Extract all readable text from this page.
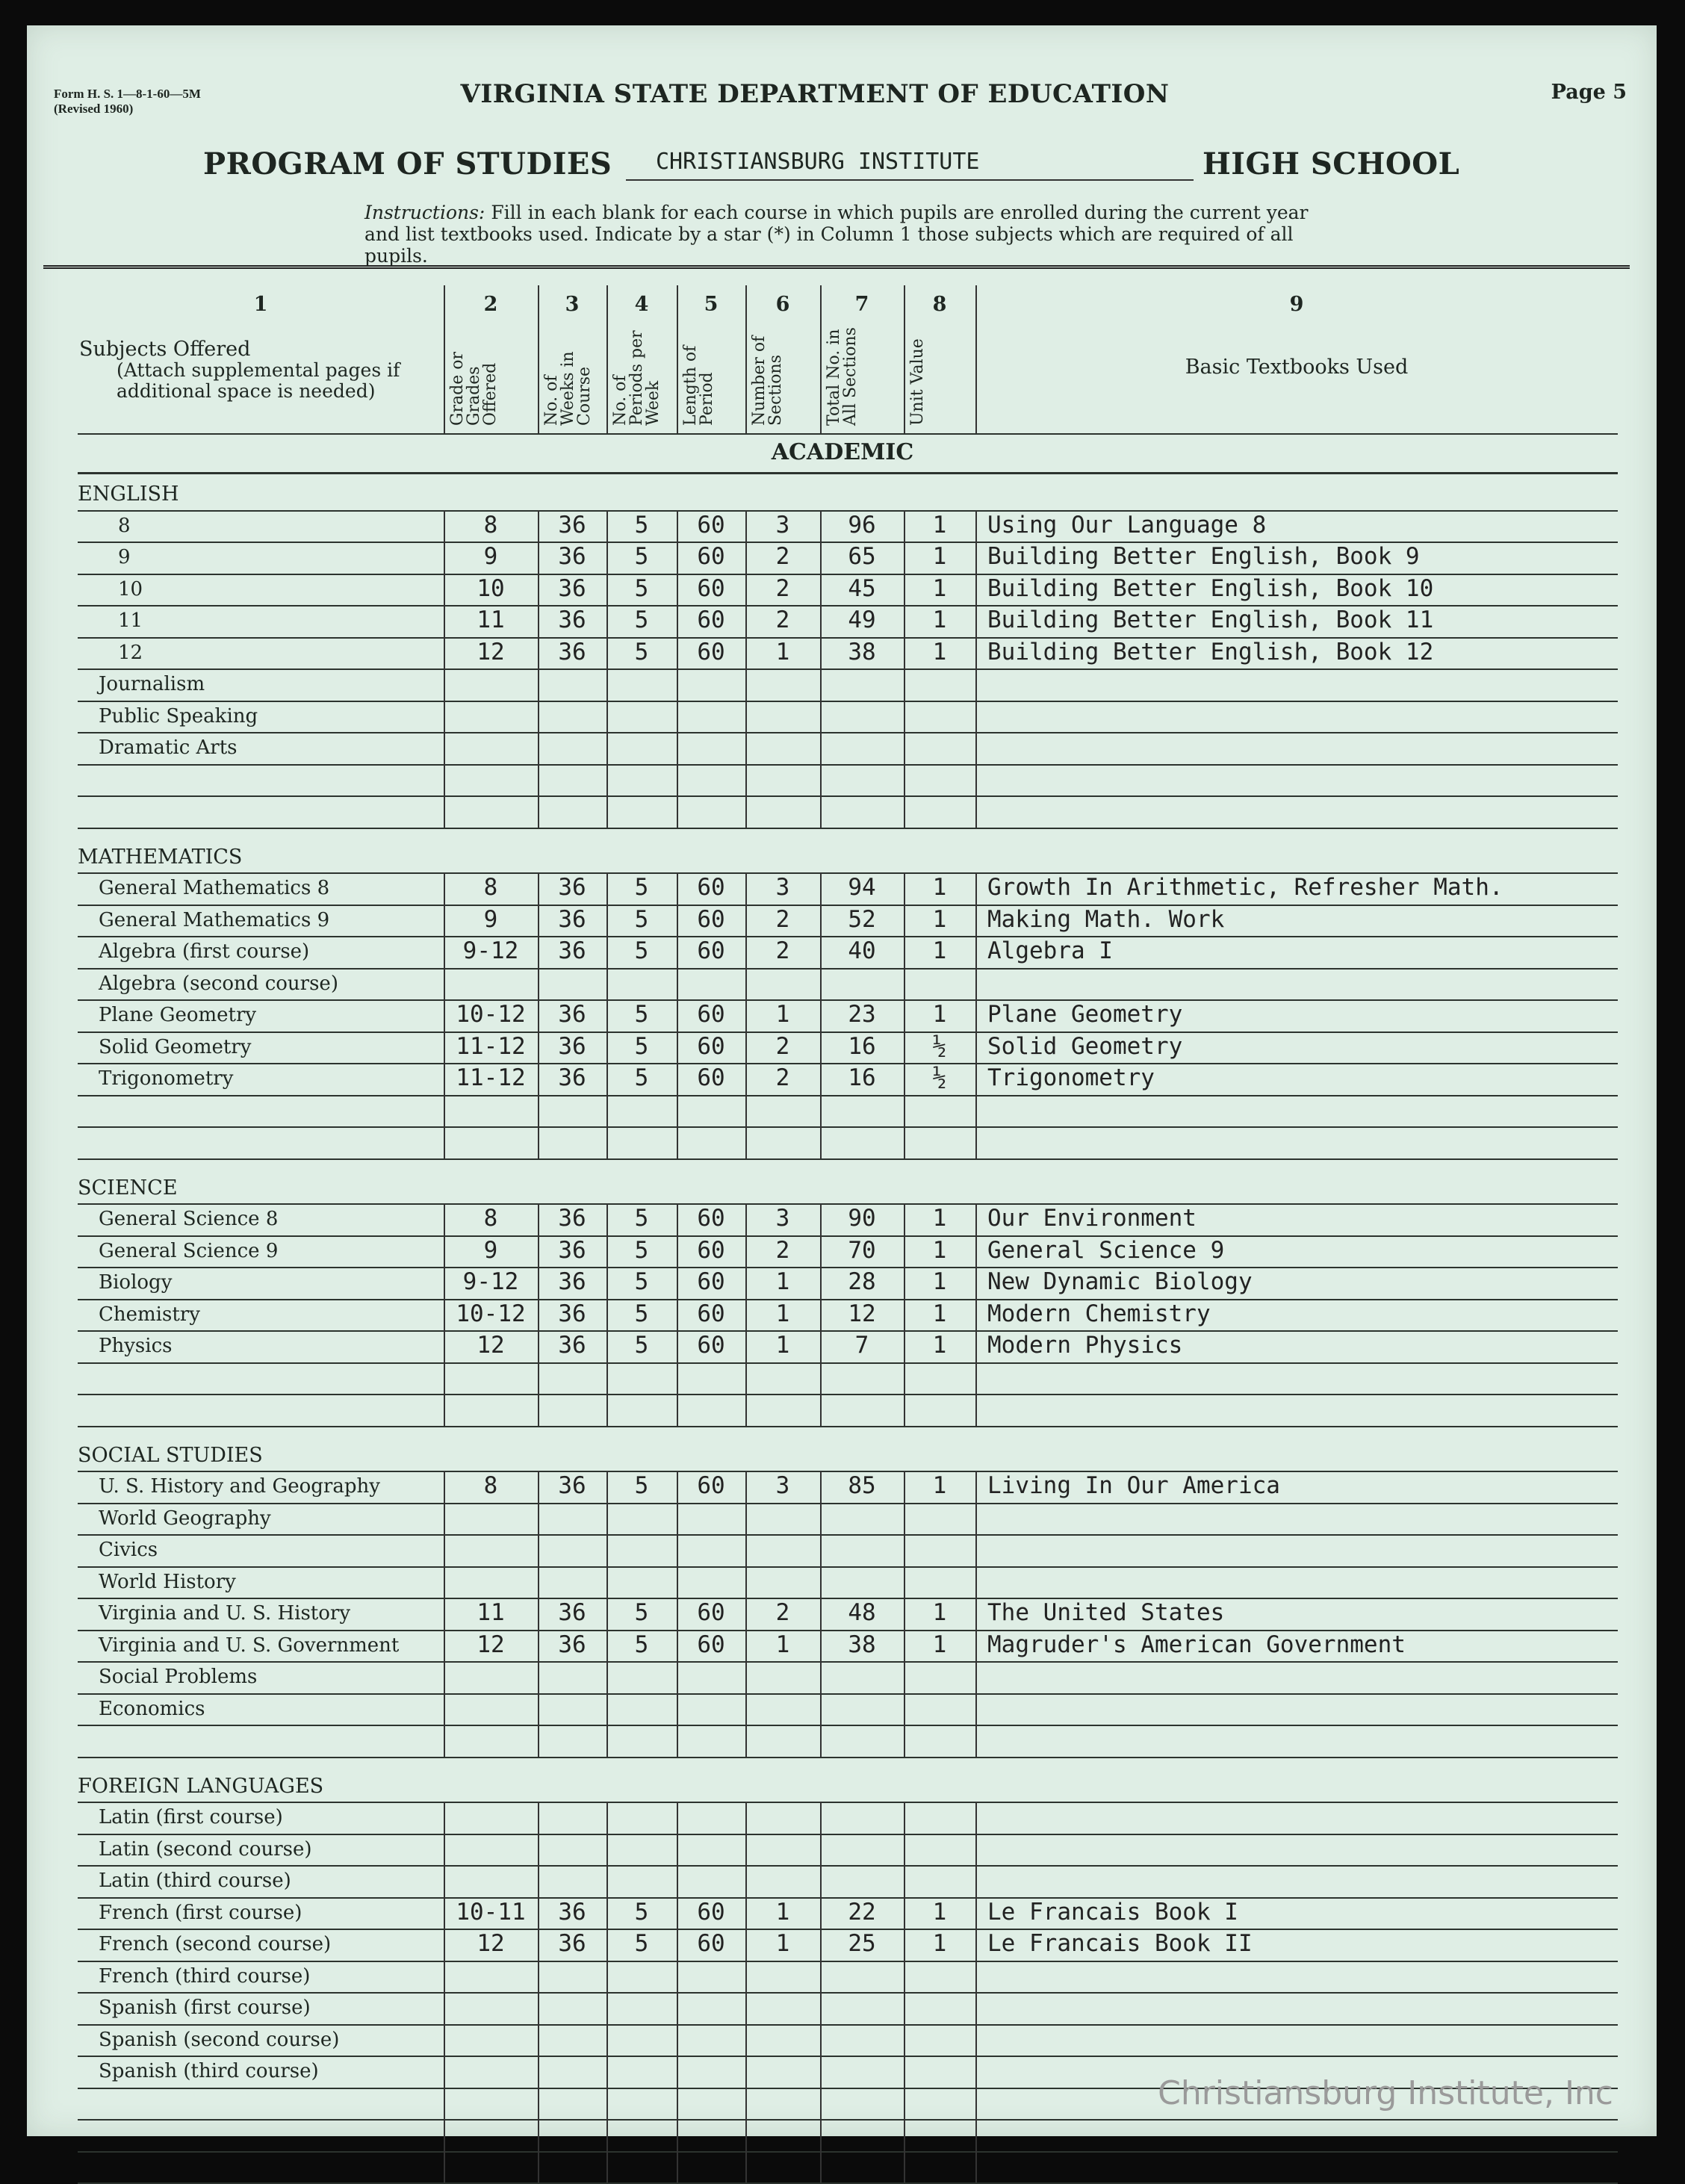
Form H. S. 1—8-1-60—5M
(Revised 1960)	VIRGINIA STATE DEPARTMENT OF EDUCATION	Page 5
PROGRAM OF STUDIES CHRISTIANSBURG INSTITUTE	HIGH SCHOOL
Instructions: Fill in each blank for each course in which pupils are enrolled during the current year and list textbooks used. Indicate by a star (*) in Column 1 those subjects which are required of all pupils.
1	2	3	4	5	6	7	8	9
Grade or Grades Offered	No. of Weeks in Course	No. of Periods per Week	Length of Period	Number of Sections	Total No. in All Sections	Unit Value
Subjects Offered
(Attach supplemental pages if additional space is needed)
Basic Textbooks Used
ACADEMIC
ENGLISH
8	8	36	5	60	3	96	1	Using Our Language 8
9	9	36	5	60	2	65	1	Building Better English, Book 9
10	10	36	5	60	2	45	1	Building Better English, Book 10
11	11	36	5	60	2	49	1	Building Better English, Book 11
12	12	36	5	60	1	38	1	Building Better English, Book 12
Journalism
Public Speaking
Dramatic Arts
MATHEMATICS
General Mathematics 8	8	36	5	60	3	94	1	Growth In Arithmetic, Refresher Math.
General Mathematics 9	9	36	5	60	2	52	1	Making Math. Work
Algebra (first course)	9-12	36	5	60	2	40	1	Algebra I
Algebra (second course)
Plane Geometry	10-12	36	5	60	1	23	1	Plane Geometry
Solid Geometry	11-12	36	5	60	2	16	½	Solid Geometry
Trigonometry	11-12	36	5	60	2	16	½	Trigonometry
SCIENCE
General Science 8	8	36	5	60	3	90	1	Our Environment
General Science 9	9	36	5	60	2	70	1	General Science 9
Biology	9-12	36	5	60	1	28	1	New Dynamic Biology
Chemistry	10-12	36	5	60	1	12	1	Modern Chemistry
Physics	12	36	5	60	1	7	1	Modern Physics
SOCIAL STUDIES
U. S. History and Geography	8	36	5	60	3	85	1	Living In Our America
World Geography
Civics
World History
Virginia and U. S. History	11	36	5	60	2	48	1	The United States
Virginia and U. S. Government	12	36	5	60	1	38	1	Magruder's American Government
Social Problems
Economics
FOREIGN LANGUAGES
Latin (first course)
Latin (second course)
Latin (third course)
French (first course)	10-11	36	5	60	1	22	1	Le Francais Book I
French (second course)	12	36	5	60	1	25	1	Le Francais Book II
French (third course)
Spanish (first course)
Spanish (second course)
Spanish (third course)
Christiansburg Institute, Inc
